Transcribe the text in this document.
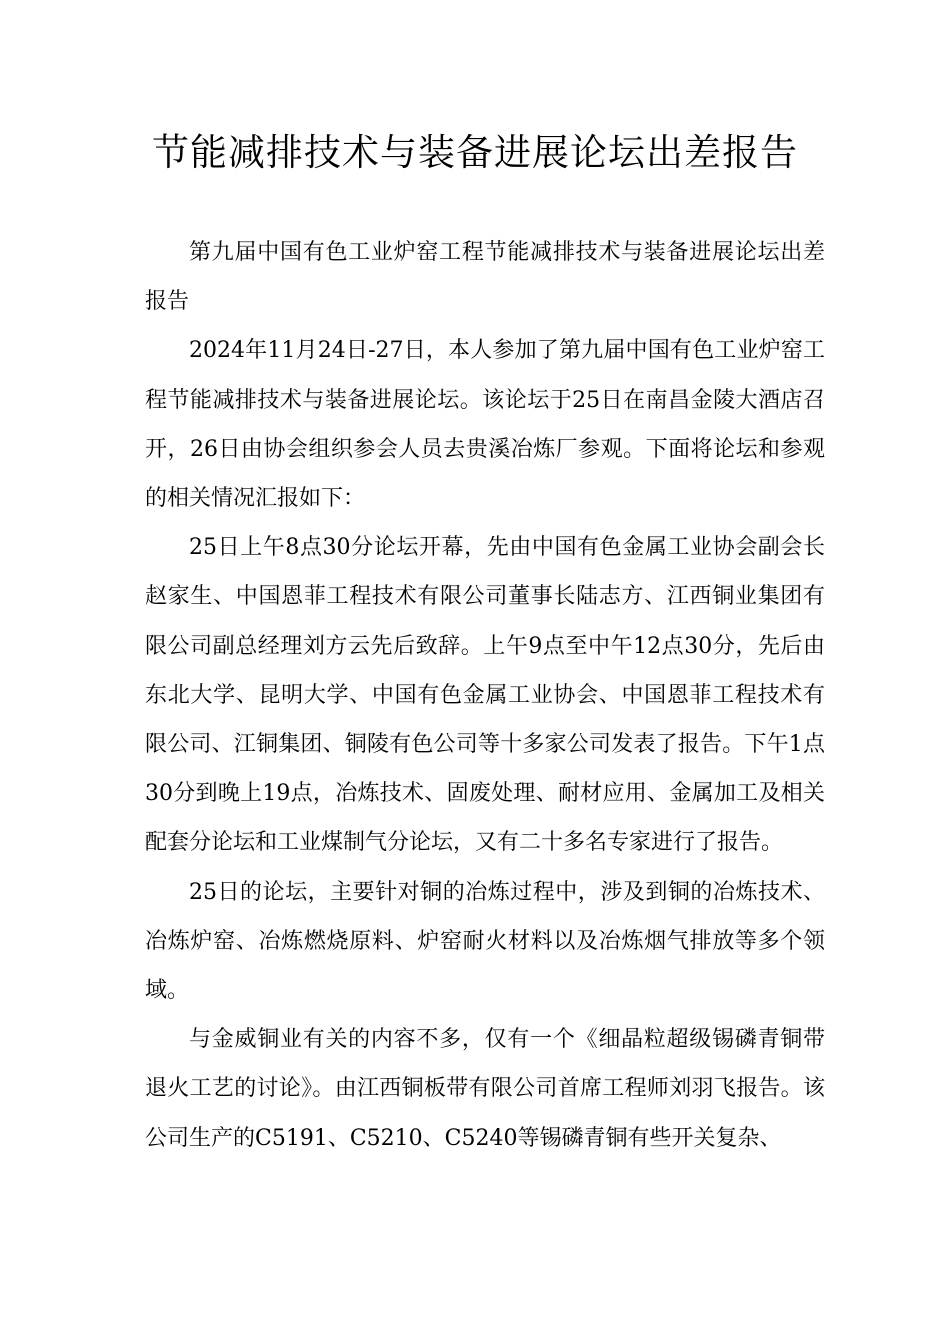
节能减排技术与装备进展论坛出差报告

第九届中国有色工业炉窑工程节能减排技术与装备进展论坛出差报告

2024年11月24日-27日，本人参加了第九届中国有色工业炉窑工程节能减排技术与装备进展论坛。该论坛于25日在南昌金陵大酒店召开，26日由协会组织参会人员去贵溪冶炼厂参观。下面将论坛和参观的相关情况汇报如下：

25日上午8点30分论坛开幕，先由中国有色金属工业协会副会长赵家生、中国恩菲工程技术有限公司董事长陆志方、江西铜业集团有限公司副总经理刘方云先后致辞。上午9点至中午12点30分，先后由东北大学、昆明大学、中国有色金属工业协会、中国恩菲工程技术有限公司、江铜集团、铜陵有色公司等十多家公司发表了报告。下午1点30分到晚上19点，冶炼技术、固废处理、耐材应用、金属加工及相关配套分论坛和工业煤制气分论坛，又有二十多名专家进行了报告。

25日的论坛，主要针对铜的冶炼过程中，涉及到铜的冶炼技术、冶炼炉窑、冶炼燃烧原料、炉窑耐火材料以及冶炼烟气排放等多个领域。

与金威铜业有关的内容不多，仅有一个《细晶粒超级锡磷青铜带退火工艺的讨论》。由江西铜板带有限公司首席工程师刘羽飞报告。该公司生产的C5191、C5210、C5240等锡磷青铜有些开关复杂、
